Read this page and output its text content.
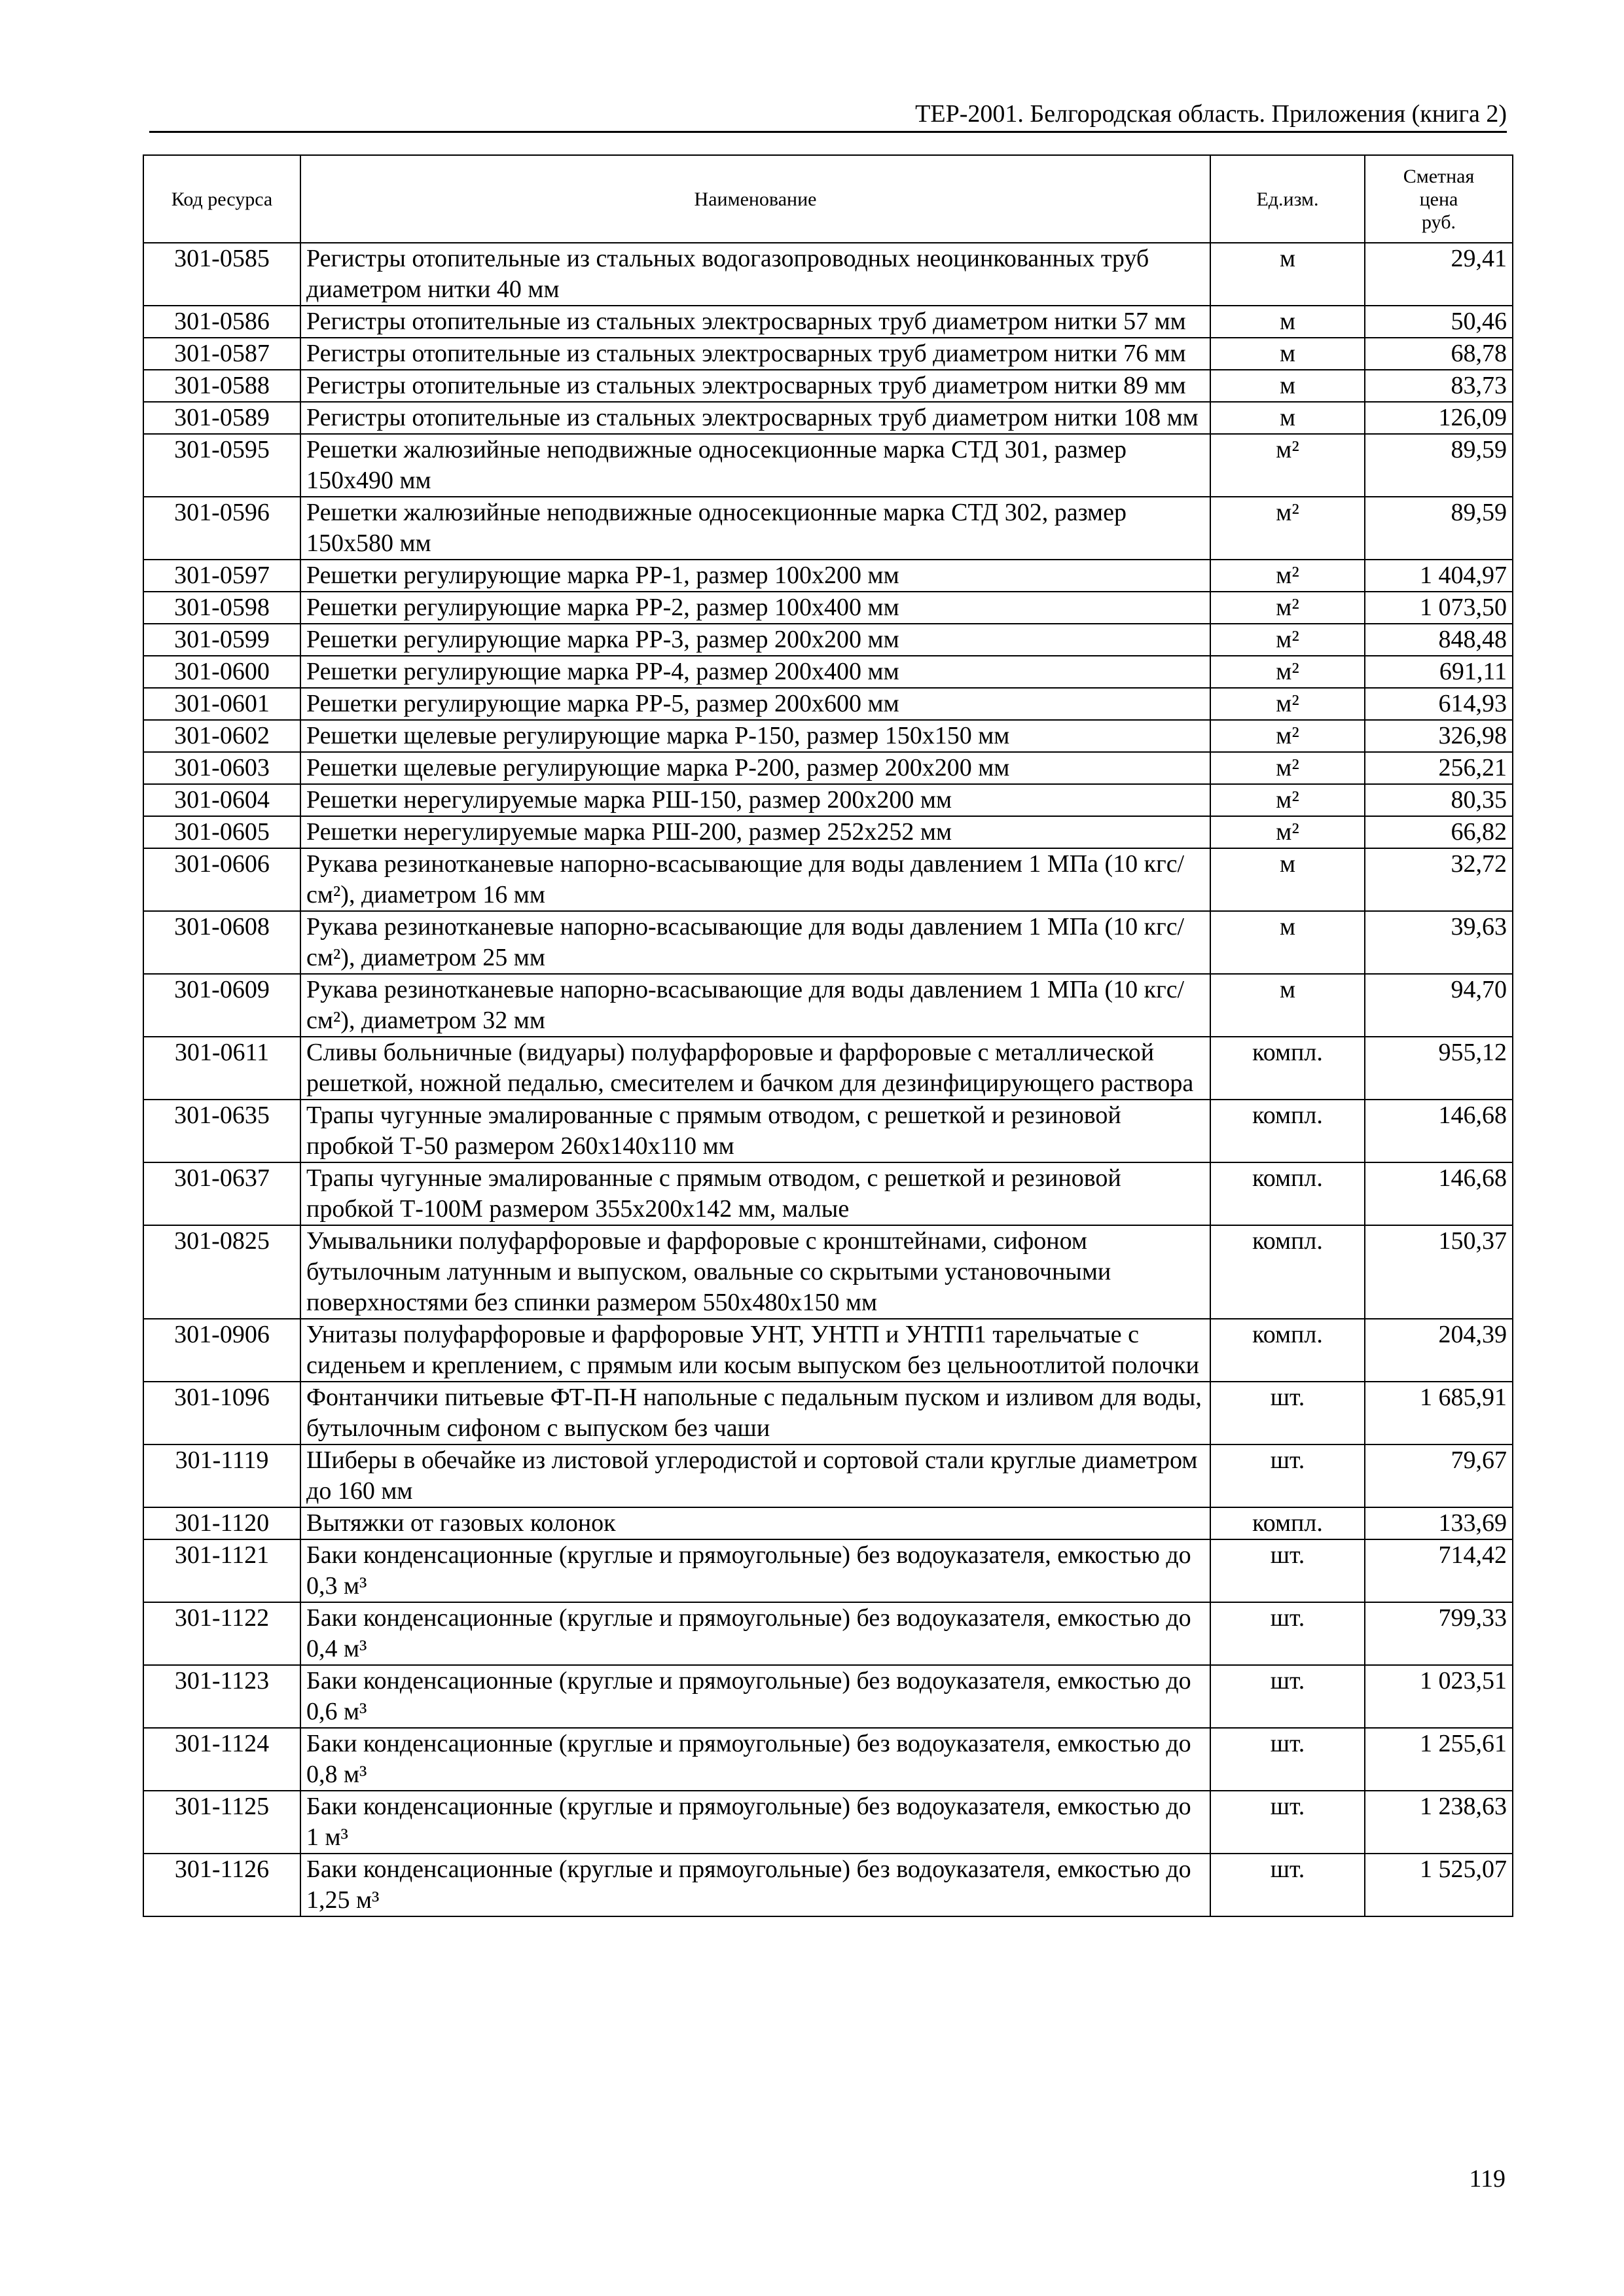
ТЕР-2001. Белгородская область. Приложения (книга 2)
Код ресурса	Наименование	Ед.изм.	Сметная
цена
руб.
301-0585	Регистры отопительные из стальных водогазопроводных неоцинкованных труб диаметром нитки 40 мм	м	29,41
301-0586	Регистры отопительные из стальных электросварных труб диаметром нитки 57 мм	м	50,46
301-0587	Регистры отопительные из стальных электросварных труб диаметром нитки 76 мм	м	68,78
301-0588	Регистры отопительные из стальных электросварных труб диаметром нитки 89 мм	м	83,73
301-0589	Регистры отопительные из стальных электросварных труб диаметром нитки 108 мм	м	126,09
301-0595	Решетки жалюзийные неподвижные односекционные марка СТД 301, размер 150x490 мм	м²	89,59
301-0596	Решетки жалюзийные неподвижные односекционные марка СТД 302, размер 150x580 мм	м²	89,59
301-0597	Решетки регулирующие марка РР-1, размер 100x200 мм	м²	1 404,97
301-0598	Решетки регулирующие марка РР-2, размер 100x400 мм	м²	1 073,50
301-0599	Решетки регулирующие марка РР-3, размер 200x200 мм	м²	848,48
301-0600	Решетки регулирующие марка РР-4, размер 200x400 мм	м²	691,11
301-0601	Решетки регулирующие марка РР-5, размер 200x600 мм	м²	614,93
301-0602	Решетки щелевые регулирующие марка Р-150, размер 150x150 мм	м²	326,98
301-0603	Решетки щелевые регулирующие марка Р-200, размер 200x200 мм	м²	256,21
301-0604	Решетки нерегулируемые марка РШ-150, размер 200x200 мм	м²	80,35
301-0605	Решетки нерегулируемые марка РШ-200, размер 252x252 мм	м²	66,82
301-0606	Рукава резинотканевые напорно-всасывающие для воды давлением 1 МПа (10 кгс/см²), диаметром 16 мм	м	32,72
301-0608	Рукава резинотканевые напорно-всасывающие для воды давлением 1 МПа (10 кгс/см²), диаметром 25 мм	м	39,63
301-0609	Рукава резинотканевые напорно-всасывающие для воды давлением 1 МПа (10 кгс/см²), диаметром 32 мм	м	94,70
301-0611	Сливы больничные (видуары) полуфарфоровые и фарфоровые с металлической решеткой, ножной педалью, смесителем и бачком для дезинфицирующего раствора	компл.	955,12
301-0635	Трапы чугунные эмалированные с прямым отводом, с решеткой и резиновой пробкой Т-50 размером 260x140x110 мм	компл.	146,68
301-0637	Трапы чугунные эмалированные с прямым отводом, с решеткой и резиновой пробкой Т-100М размером 355x200x142 мм, малые	компл.	146,68
301-0825	Умывальники полуфарфоровые и фарфоровые с кронштейнами, сифоном бутылочным латунным и выпуском, овальные со скрытыми установочными поверхностями без спинки размером 550x480x150 мм	компл.	150,37
301-0906	Унитазы полуфарфоровые и фарфоровые УНТ, УНТП и УНТП1 тарельчатые с сиденьем и креплением, с прямым или косым выпуском без цельноотлитой полочки	компл.	204,39
301-1096	Фонтанчики питьевые ФТ-П-Н напольные с педальным пуском и изливом для воды, бутылочным сифоном с выпуском без чаши	шт.	1 685,91
301-1119	Шиберы в обечайке из листовой углеродистой и сортовой стали круглые диаметром до 160 мм	шт.	79,67
301-1120	Вытяжки от газовых колонок	компл.	133,69
301-1121	Баки конденсационные (круглые и прямоугольные) без водоуказателя, емкостью до 0,3 м³	шт.	714,42
301-1122	Баки конденсационные (круглые и прямоугольные) без водоуказателя, емкостью до 0,4 м³	шт.	799,33
301-1123	Баки конденсационные (круглые и прямоугольные) без водоуказателя, емкостью до 0,6 м³	шт.	1 023,51
301-1124	Баки конденсационные (круглые и прямоугольные) без водоуказателя, емкостью до 0,8 м³	шт.	1 255,61
301-1125	Баки конденсационные (круглые и прямоугольные) без водоуказателя, емкостью до 1 м³	шт.	1 238,63
301-1126	Баки конденсационные (круглые и прямоугольные) без водоуказателя, емкостью до 1,25 м³	шт.	1 525,07
119
